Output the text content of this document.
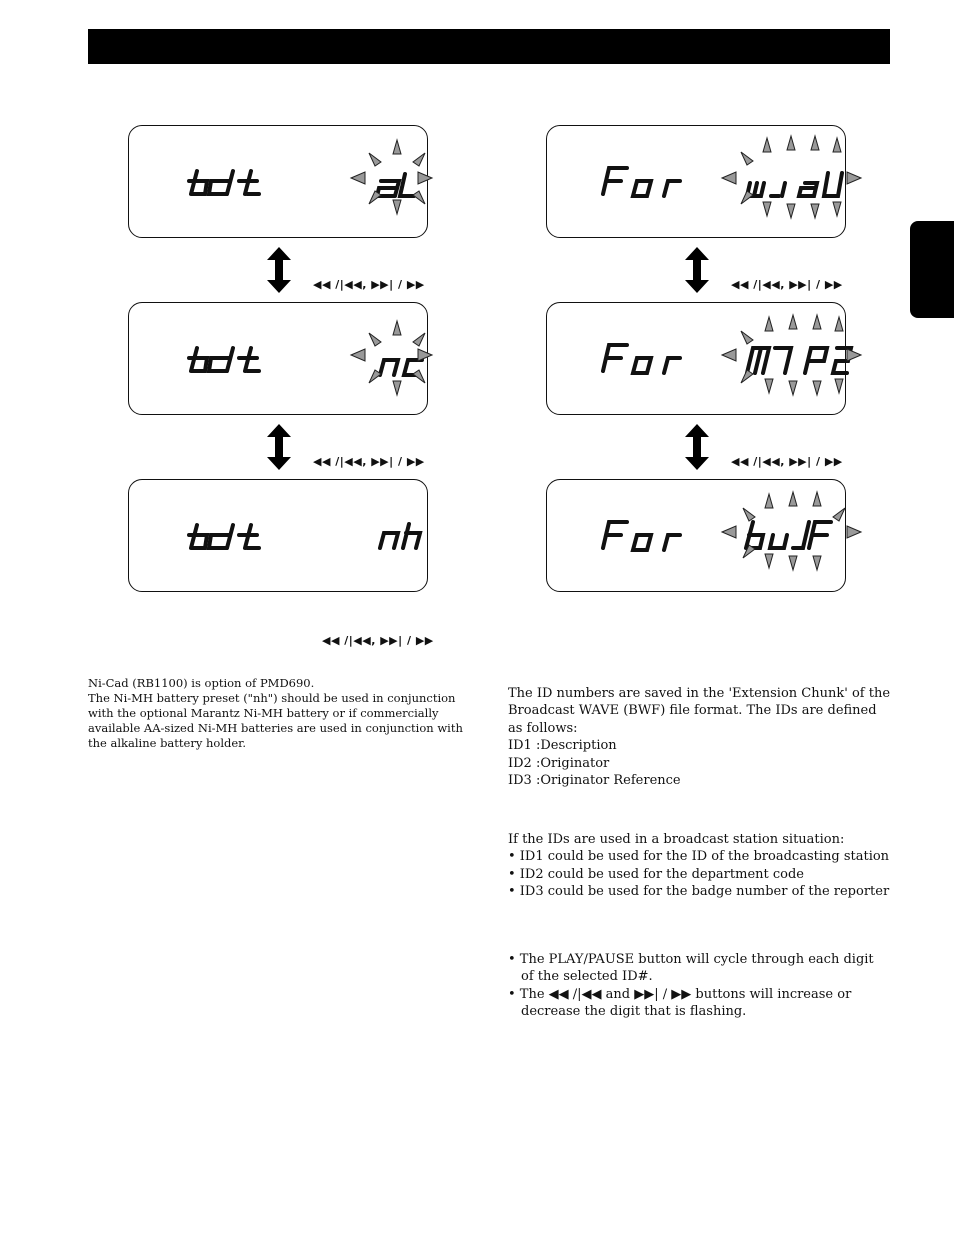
◀◀ /|◀◀, ▶▶| / ▶▶
◀◀ /|◀◀, ▶▶| / ▶▶
◀◀ /|◀◀, ▶▶| / ▶▶
◀◀ /|◀◀, ▶▶| / ▶▶
◀◀ /|◀◀, ▶▶| / ▶▶
Ni-Cad (RB1100) is option of PMD690.
The Ni-MH battery preset ("nh") should be used in conjunction
with the optional Marantz Ni-MH battery or if commercially
available AA-sized Ni-MH batteries are used in conjunction with
the alkaline battery holder.
The ID numbers are saved in the 'Extension Chunk' of the
Broadcast WAVE (BWF) file format. The IDs are defined
as follows:
ID1 :Description
ID2 :Originator
ID3 :Originator Reference
If the IDs are used in a broadcast station situation:
• ID1 could be used for the ID of the broadcasting station
• ID2 could be used for the department code
• ID3 could be used for the badge number of the reporter
• The PLAY/PAUSE button will cycle through each digit of the selected ID#.
• The ◀◀ /|◀◀ and ▶▶| / ▶▶ buttons will increase or decrease the digit that is flashing.
